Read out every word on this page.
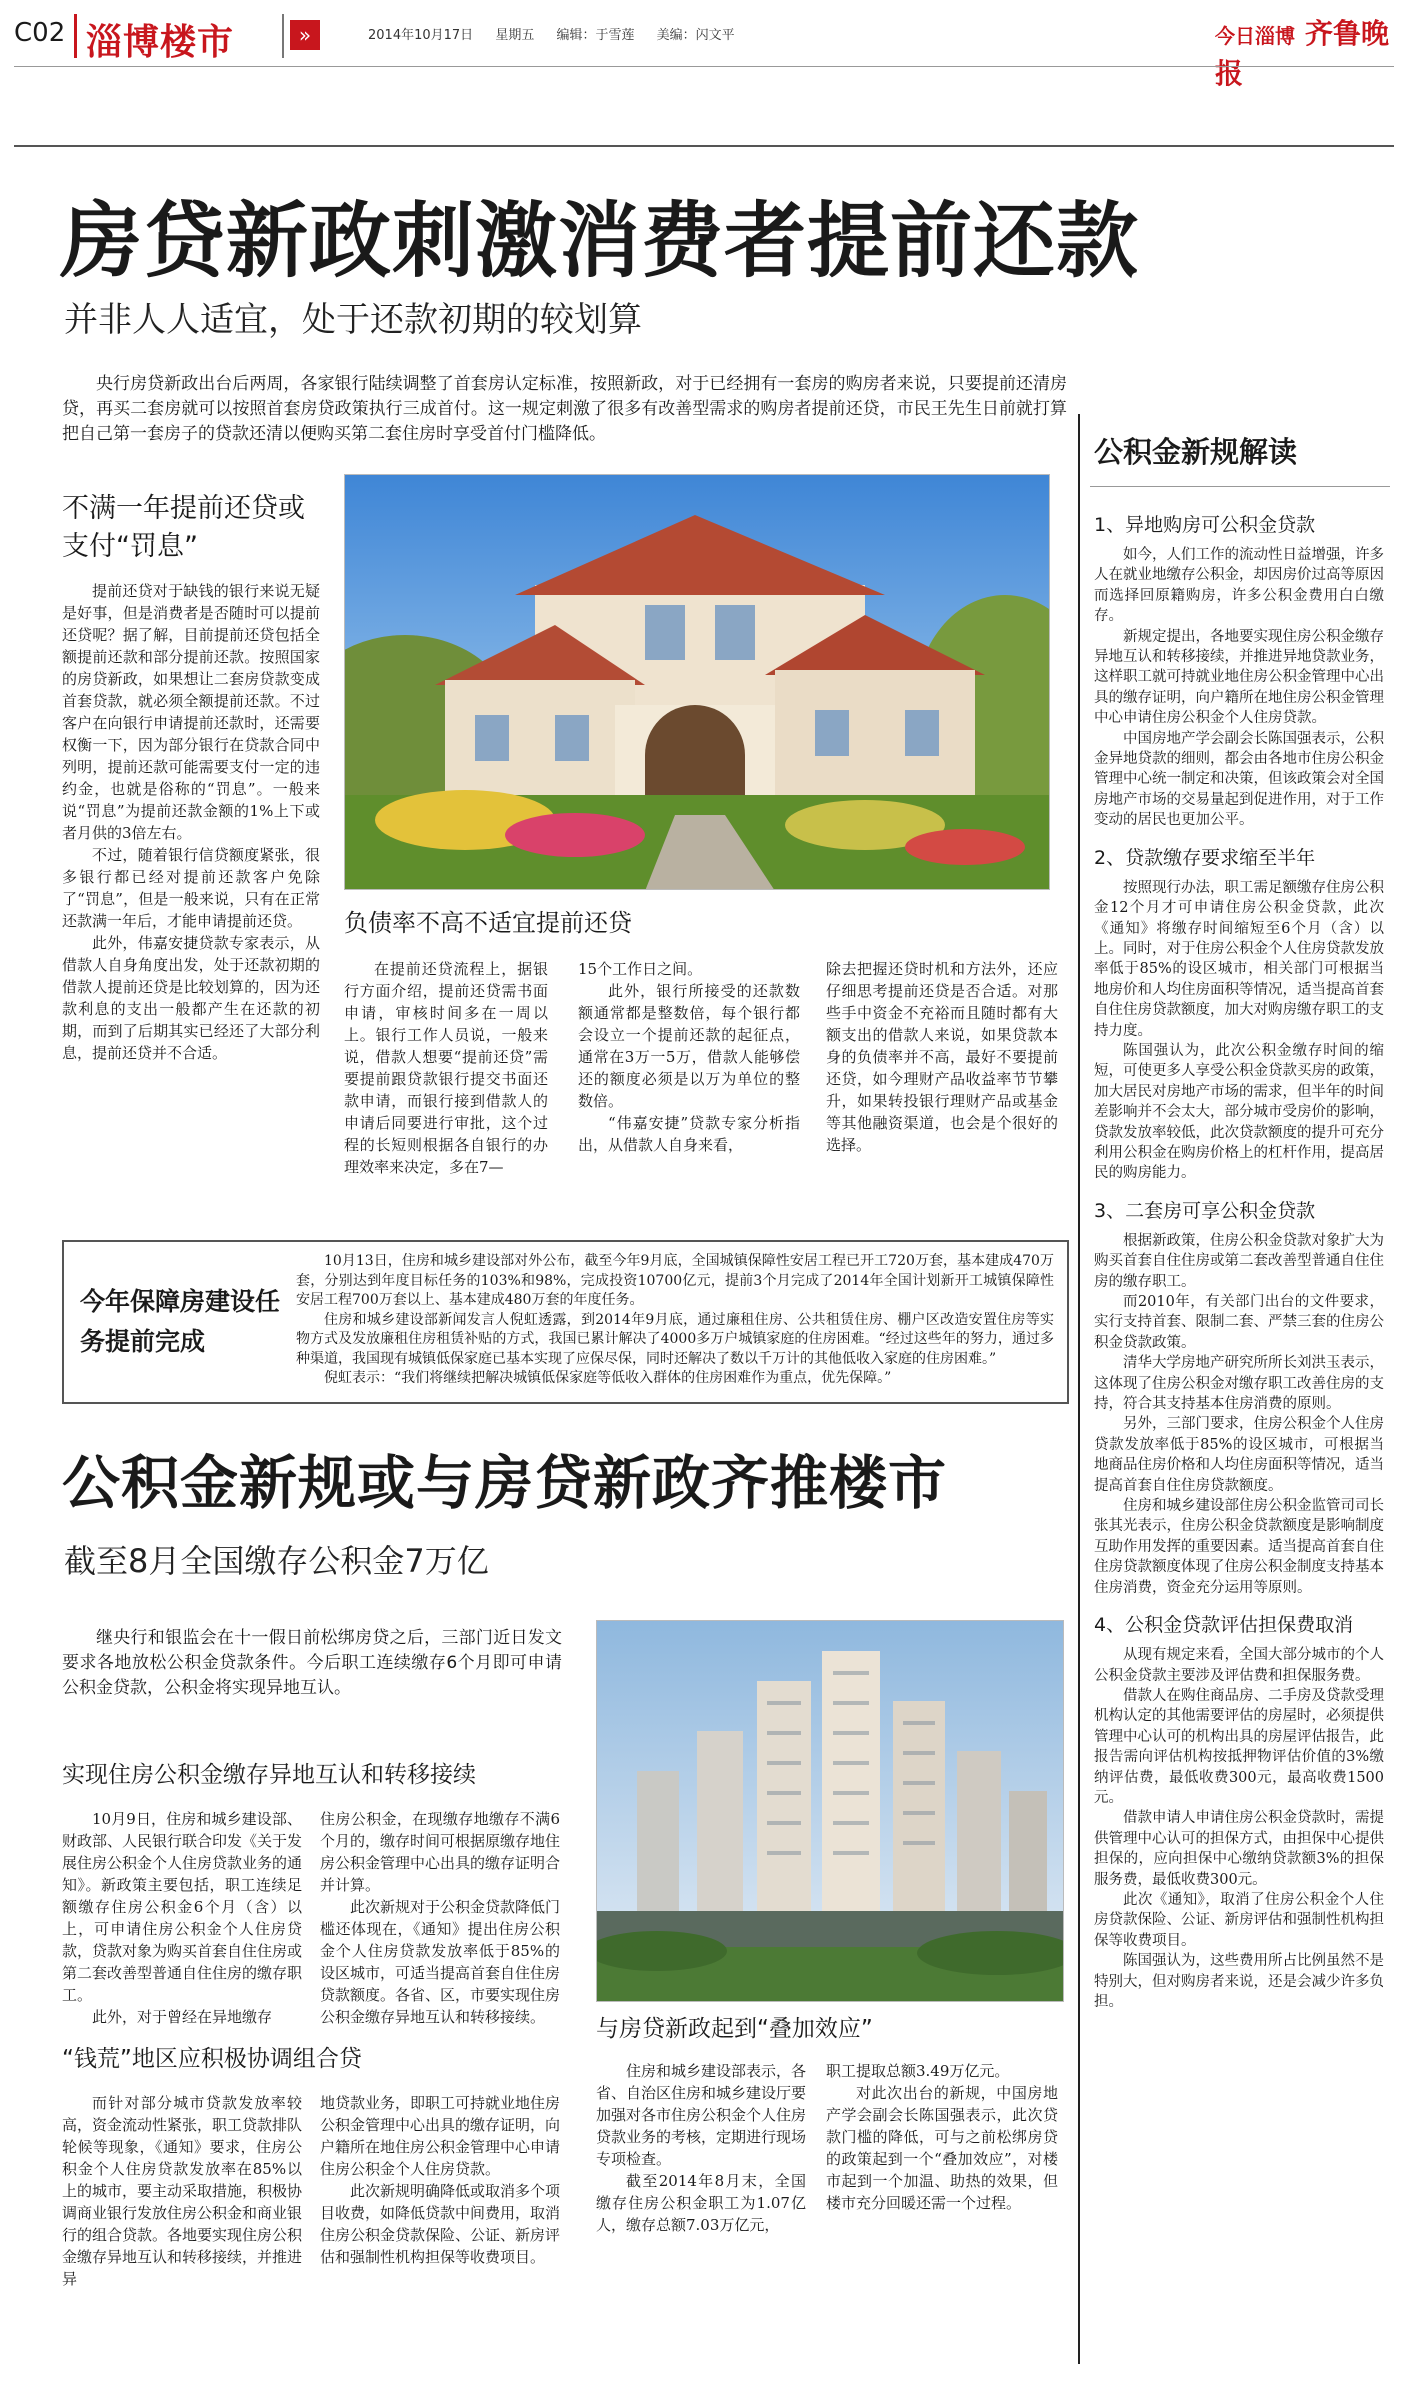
C02 淄博楼市	»	2014年10月17日 星期五 编辑：于雪莲 美编：闪文平	今日淄博 齐鲁晚报
房贷新政刺激消费者提前还款
并非人人适宜，处于还款初期的较划算

央行房贷新政出台后两周，各家银行陆续调整了首套房认定标准，按照新政，对于已经拥有一套房的购房者来说，只要提前还清房贷，再买二套房就可以按照首套房贷政策执行三成首付。这一规定刺激了很多有改善型需求的购房者提前还贷，市民王先生日前就打算把自己第一套房子的贷款还清以便购买第二套住房时享受首付门槛降低。

不满一年提前还贷或支付“罚息”

提前还贷对于缺钱的银行来说无疑是好事，但是消费者是否随时可以提前还贷呢？据了解，目前提前还贷包括全额提前还款和部分提前还款。按照国家的房贷新政，如果想让二套房贷款变成首套贷款，就必须全额提前还款。不过客户在向银行申请提前还款时，还需要权衡一下，因为部分银行在贷款合同中列明，提前还款可能需要支付一定的违约金，也就是俗称的“罚息”。一般来说“罚息”为提前还款金额的1%上下或者月供的3倍左右。

不过，随着银行信贷额度紧张，很多银行都已经对提前还款客户免除了“罚息”，但是一般来说，只有在正常还款满一年后，才能申请提前还贷。

此外，伟嘉安捷贷款专家表示，从借款人自身角度出发，处于还款初期的借款人提前还贷是比较划算的，因为还款利息的支出一般都产生在还款的初期，而到了后期其实已经还了大部分利息，提前还贷并不合适。

负债率不高不适宜提前还贷

在提前还贷流程上，据银行方面介绍，提前还贷需书面申请，审核时间多在一周以上。银行工作人员说，一般来说，借款人想要“提前还贷”需要提前跟贷款银行提交书面还款申请，而银行接到借款人的申请后同要进行审批，这个过程的长短则根据各自银行的办理效率来决定，多在7—

15个工作日之间。

此外，银行所接受的还款数额通常都是整数倍，每个银行都会设立一个提前还款的起征点，通常在3万一5万，借款人能够偿还的额度必须是以万为单位的整数倍。

“伟嘉安捷”贷款专家分析指出，从借款人自身来看，

除去把握还贷时机和方法外，还应仔细思考提前还贷是否合适。对那些手中资金不充裕而且随时都有大额支出的借款人来说，如果贷款本身的负债率并不高，最好不要提前还贷，如今理财产品收益率节节攀升，如果转投银行理财产品或基金等其他融资渠道，也会是个很好的选择。

今年保障房建设任务提前完成

10月13日，住房和城乡建设部对外公布，截至今年9月底，全国城镇保障性安居工程已开工720万套，基本建成470万套，分别达到年度目标任务的103%和98%，完成投资10700亿元，提前3个月完成了2014年全国计划新开工城镇保障性安居工程700万套以上、基本建成480万套的年度任务。

住房和城乡建设部新闻发言人倪虹透露，到2014年9月底，通过廉租住房、公共租赁住房、棚户区改造安置住房等实物方式及发放廉租住房租赁补贴的方式，我国已累计解决了4000多万户城镇家庭的住房困难。“经过这些年的努力，通过多种渠道，我国现有城镇低保家庭已基本实现了应保尽保，同时还解决了数以千万计的其他低收入家庭的住房困难。”

倪虹表示：“我们将继续把解决城镇低保家庭等低收入群体的住房困难作为重点，优先保障。”

公积金新规或与房贷新政齐推楼市
截至8月全国缴存公积金7万亿

继央行和银监会在十一假日前松绑房贷之后，三部门近日发文要求各地放松公积金贷款条件。今后职工连续缴存6个月即可申请公积金贷款，公积金将实现异地互认。

实现住房公积金缴存异地互认和转移接续

10月9日，住房和城乡建设部、财政部、人民银行联合印发《关于发展住房公积金个人住房贷款业务的通知》。新政策主要包括，职工连续足额缴存住房公积金6个月（含）以上，可申请住房公积金个人住房贷款，贷款对象为购买首套自住住房或第二套改善型普通自住住房的缴存职工。

此外，对于曾经在异地缴存

住房公积金，在现缴存地缴存不满6个月的，缴存时间可根据原缴存地住房公积金管理中心出具的缴存证明合并计算。

此次新规对于公积金贷款降低门槛还体现在，《通知》提出住房公积金个人住房贷款发放率低于85%的设区城市，可适当提高首套自住住房贷款额度。各省、区，市要实现住房公积金缴存异地互认和转移接续。

“钱荒”地区应积极协调组合贷

而针对部分城市贷款发放率较高，资金流动性紧张，职工贷款排队轮候等现象，《通知》要求，住房公积金个人住房贷款发放率在85%以上的城市，要主动采取措施，积极协调商业银行发放住房公积金和商业银行的组合贷款。各地要实现住房公积金缴存异地互认和转移接续，并推进异

地贷款业务，即职工可持就业地住房公积金管理中心出具的缴存证明，向户籍所在地住房公积金管理中心申请住房公积金个人住房贷款。

此次新规明确降低或取消多个项目收费，如降低贷款中间费用，取消住房公积金贷款保险、公证、新房评估和强制性机构担保等收费项目。

与房贷新政起到“叠加效应”

住房和城乡建设部表示，各省、自治区住房和城乡建设厅要加强对各市住房公积金个人住房贷款业务的考核，定期进行现场专项检查。

截至2014年8月末，全国缴存住房公积金职工为1.07亿人，缴存总额7.03万亿元，

职工提取总额3.49万亿元。

对此次出台的新规，中国房地产学会副会长陈国强表示，此次贷款门槛的降低，可与之前松绑房贷的政策起到一个“叠加效应”，对楼市起到一个加温、助热的效果，但楼市充分回暖还需一个过程。

公积金新规解读
1、异地购房可公积金贷款

如今，人们工作的流动性日益增强，许多人在就业地缴存公积金，却因房价过高等原因而选择回原籍购房，许多公积金费用白白缴存。

新规定提出，各地要实现住房公积金缴存异地互认和转移接续，并推进异地贷款业务，这样职工就可持就业地住房公积金管理中心出具的缴存证明，向户籍所在地住房公积金管理中心申请住房公积金个人住房贷款。

中国房地产学会副会长陈国强表示，公积金异地贷款的细则，都会由各地市住房公积金管理中心统一制定和决策，但该政策会对全国房地产市场的交易量起到促进作用，对于工作变动的居民也更加公平。

2、贷款缴存要求缩至半年

按照现行办法，职工需足额缴存住房公积金12个月才可申请住房公积金贷款，此次《通知》将缴存时间缩短至6个月（含）以上。同时，对于住房公积金个人住房贷款发放率低于85%的设区城市，相关部门可根据当地房价和人均住房面积等情况，适当提高首套自住住房贷款额度，加大对购房缴存职工的支持力度。

陈国强认为，此次公积金缴存时间的缩短，可使更多人享受公积金贷款买房的政策，加大居民对房地产市场的需求，但半年的时间差影响并不会太大，部分城市受房价的影响，贷款发放率较低，此次贷款额度的提升可充分利用公积金在购房价格上的杠杆作用，提高居民的购房能力。

3、二套房可享公积金贷款

根据新政策，住房公积金贷款对象扩大为购买首套自住住房或第二套改善型普通自住住房的缴存职工。

而2010年，有关部门出台的文件要求，实行支持首套、限制二套、严禁三套的住房公积金贷款政策。

清华大学房地产研究所所长刘洪玉表示，这体现了住房公积金对缴存职工改善住房的支持，符合其支持基本住房消费的原则。

另外，三部门要求，住房公积金个人住房贷款发放率低于85%的设区城市，可根据当地商品住房价格和人均住房面积等情况，适当提高首套自住住房贷款额度。

住房和城乡建设部住房公积金监管司司长张其光表示，住房公积金贷款额度是影响制度互助作用发挥的重要因素。适当提高首套自住住房贷款额度体现了住房公积金制度支持基本住房消费，资金充分运用等原则。

4、公积金贷款评估担保费取消

从现有规定来看，全国大部分城市的个人公积金贷款主要涉及评估费和担保服务费。

借款人在购住商品房、二手房及贷款受理机构认定的其他需要评估的房屋时，必须提供管理中心认可的机构出具的房屋评估报告，此报告需向评估机构按抵押物评估价值的3%缴纳评估费，最低收费300元，最高收费1500元。

借款申请人申请住房公积金贷款时，需提供管理中心认可的担保方式，由担保中心提供担保的，应向担保中心缴纳贷款额3%的担保服务费，最低收费300元。

此次《通知》，取消了住房公积金个人住房贷款保险、公证、新房评估和强制性机构担保等收费项目。

陈国强认为，这些费用所占比例虽然不是特别大，但对购房者来说，还是会减少许多负担。
